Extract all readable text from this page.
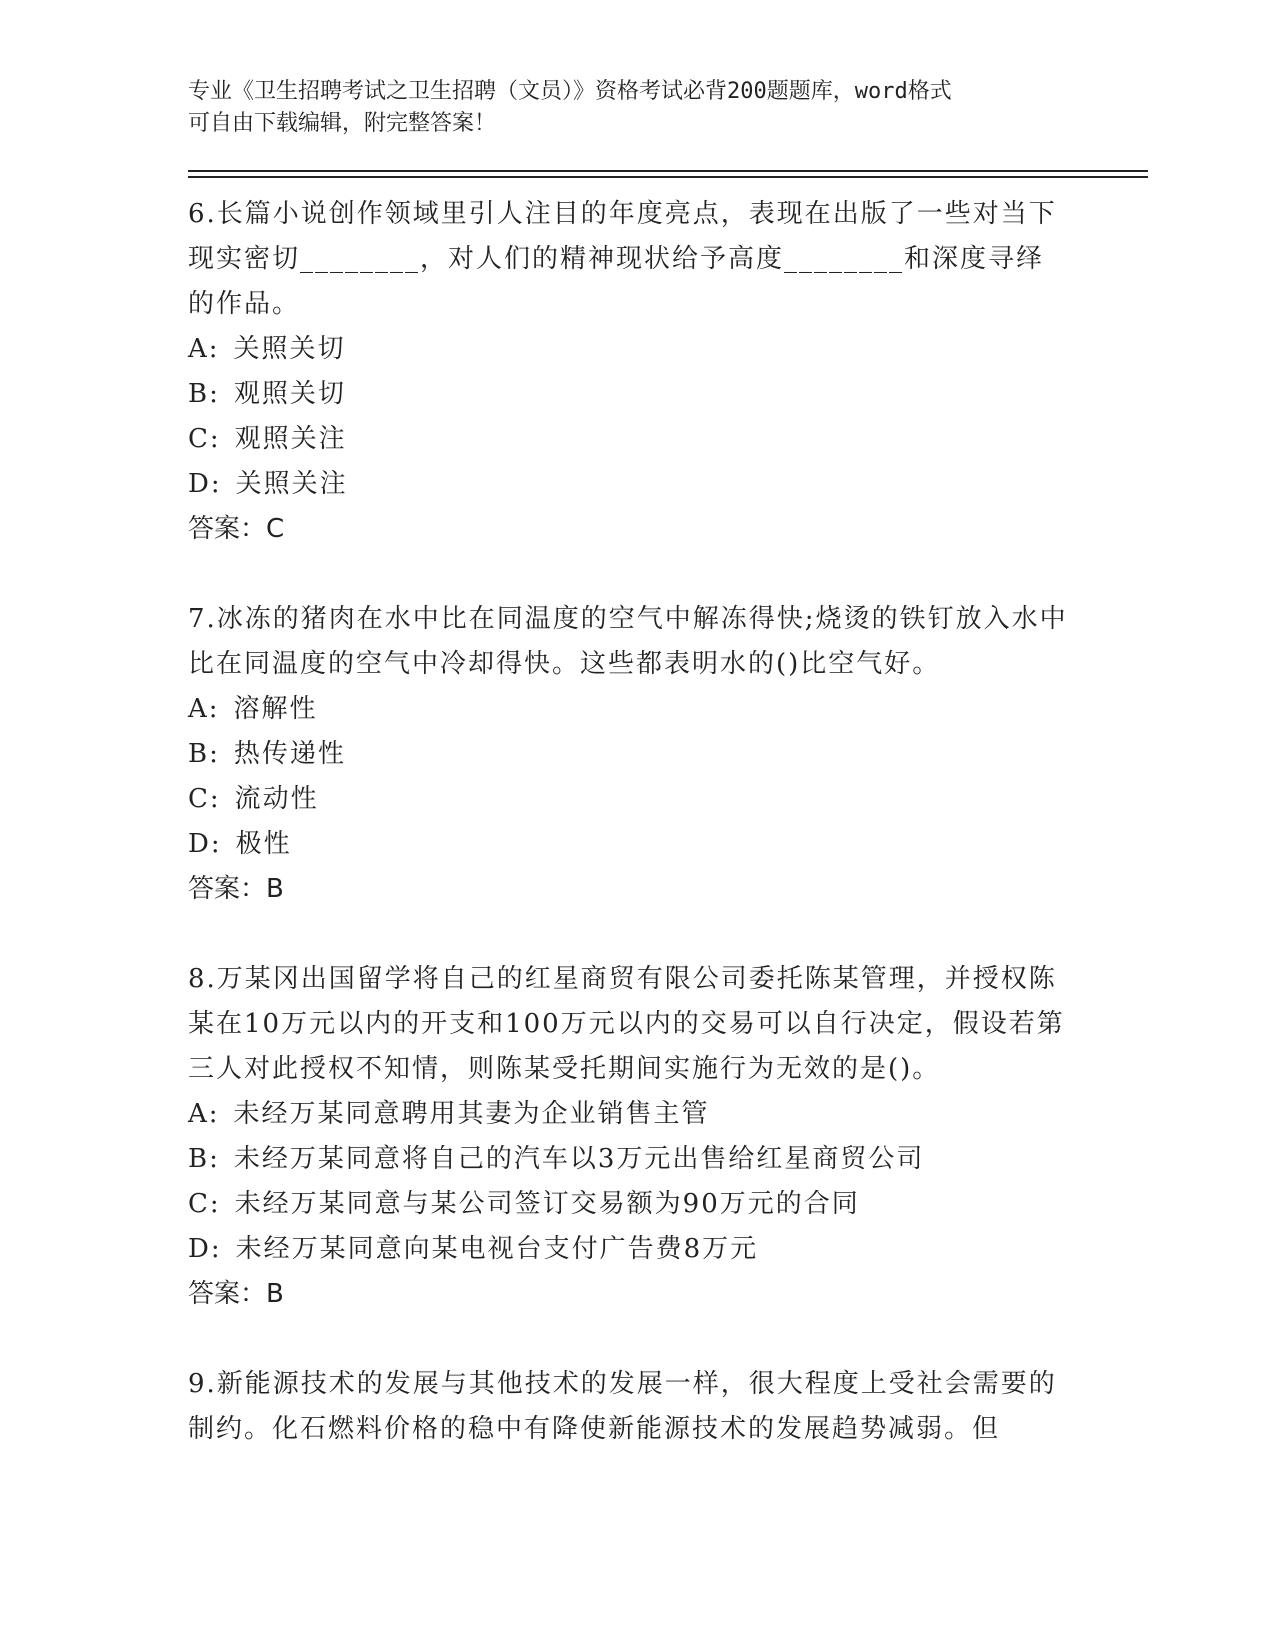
专业《卫生招聘考试之卫生招聘（文员）》资格考试必背200题题库，word格式
可自由下载编辑，附完整答案！
6.长篇小说创作领域里引人注目的年度亮点，表现在出版了一些对当下现实密切________，对人们的精神现状给予高度________和深度寻绎的作品。
A: 关照关切
B: 观照关切
C: 观照关注
D: 关照关注
答案：C
7.冰冻的猪肉在水中比在同温度的空气中解冻得快;烧烫的铁钉放入水中比在同温度的空气中冷却得快。这些都表明水的()比空气好。
A: 溶解性
B: 热传递性
C: 流动性
D: 极性
答案：B
8.万某冈出国留学将自己的红星商贸有限公司委托陈某管理，并授权陈某在10万元以内的开支和100万元以内的交易可以自行决定，假设若第三人对此授权不知情，则陈某受托期间实施行为无效的是()。
A: 未经万某同意聘用其妻为企业销售主管
B: 未经万某同意将自己的汽车以3万元出售给红星商贸公司
C: 未经万某同意与某公司签订交易额为90万元的合同
D: 未经万某同意向某电视台支付广告费8万元
答案：B
9.新能源技术的发展与其他技术的发展一样，很大程度上受社会需要的制约。化石燃料价格的稳中有降使新能源技术的发展趋势减弱。但
